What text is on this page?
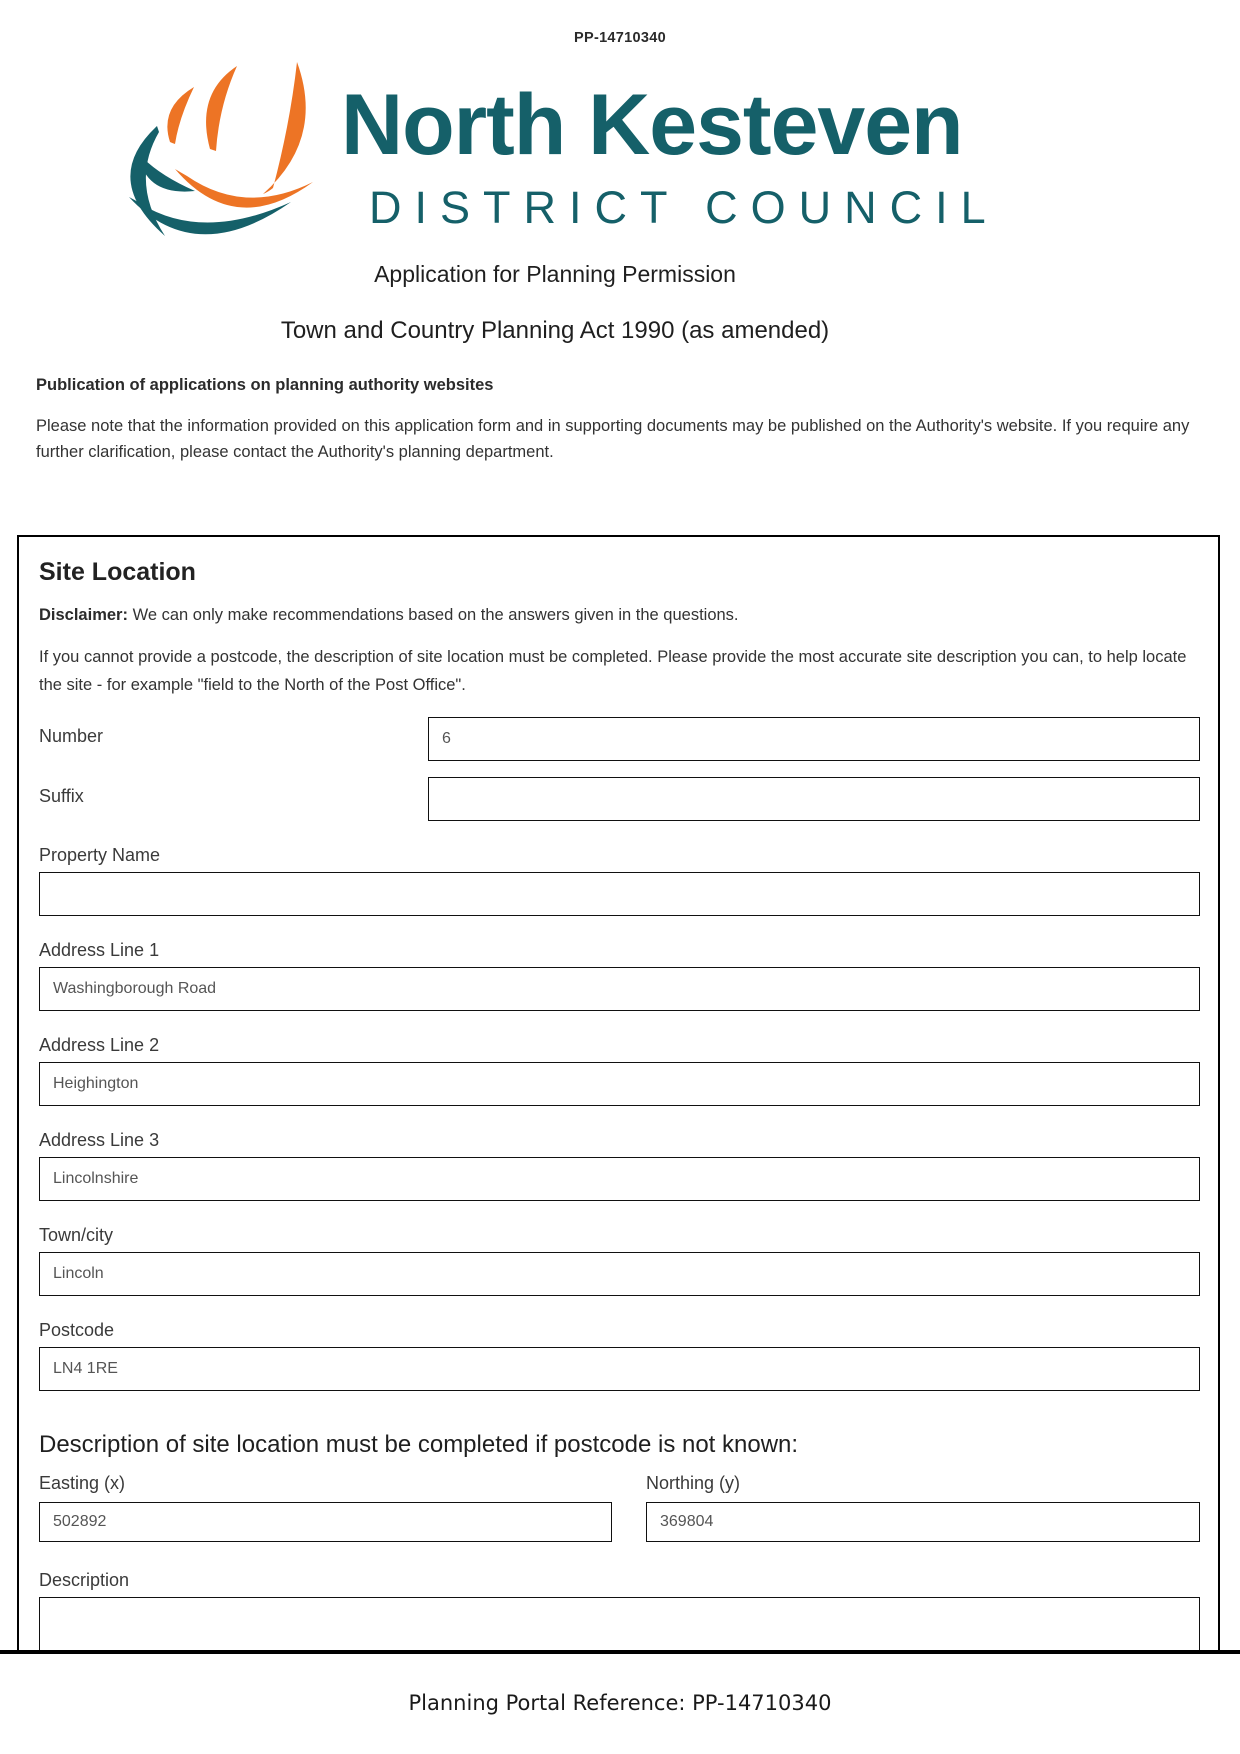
PP-14710340
North Kesteven
DISTRICT COUNCIL
Application for Planning Permission
Town and Country Planning Act 1990 (as amended)
Publication of applications on planning authority websites

Please note that the information provided on this application form and in supporting documents may be published on the Authority's website. If you require any further clarification, please contact the Authority's planning department.

Site Location

Disclaimer: We can only make recommendations based on the answers given in the questions.

If you cannot provide a postcode, the description of site location must be completed. Please provide the most accurate site description you can, to help locate the site - for example "field to the North of the Post Office".

Number
6
Suffix
Property Name
Address Line 1
Washingborough Road
Address Line 2
Heighington
Address Line 3
Lincolnshire
Town/city
Lincoln
Postcode
LN4 1RE
Description of site location must be completed if postcode is not known:
Easting (x)
502892	Northing (y)
369804
Description
Planning Portal Reference: PP-14710340
